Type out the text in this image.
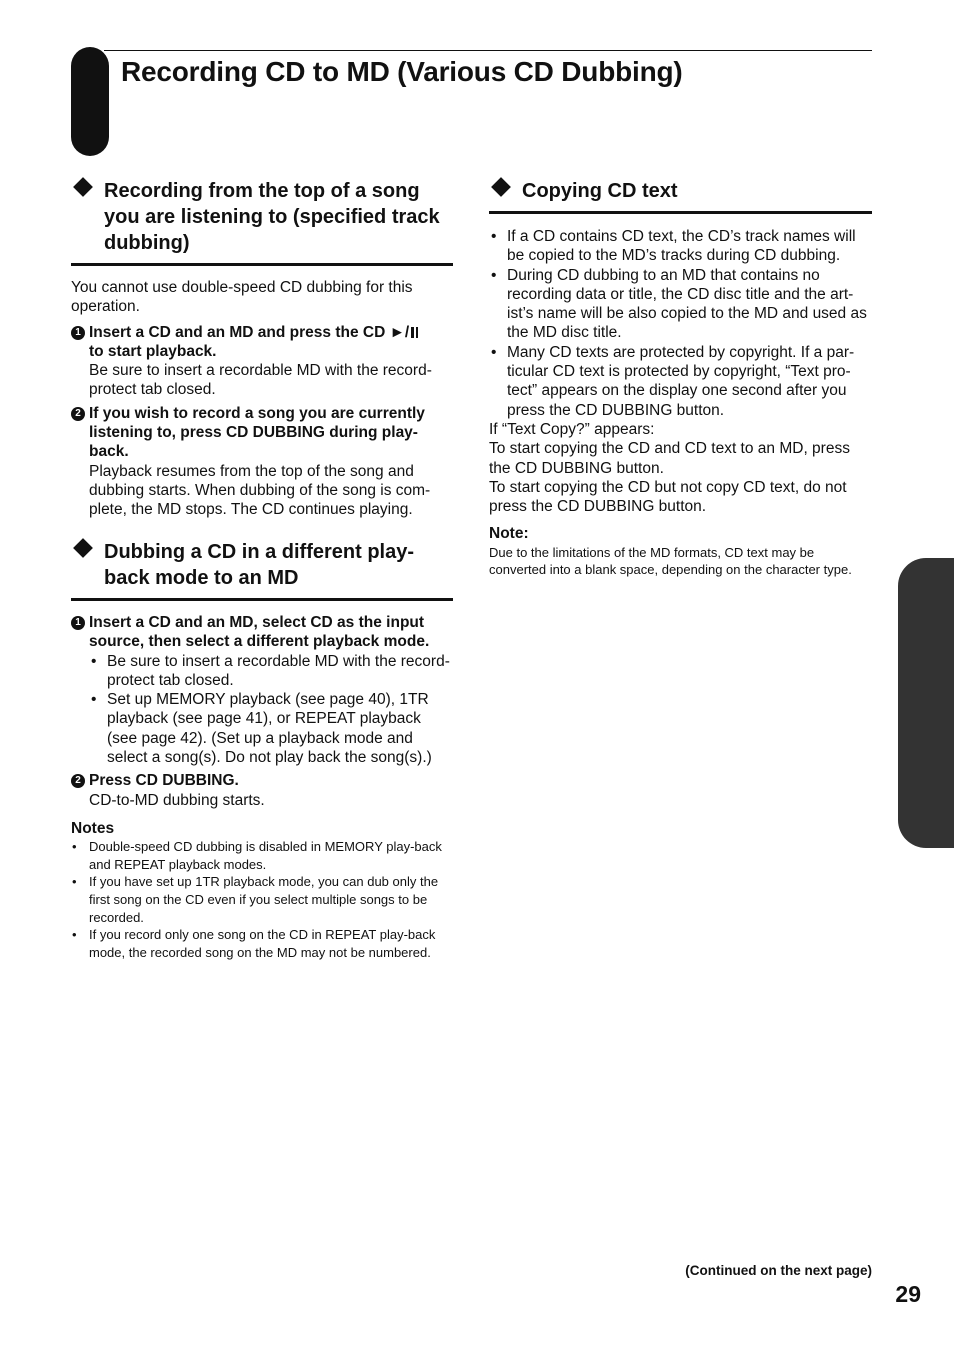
Recording CD to MD (Various CD Dubbing)
Recording from the top of a song you are listening to (specified track dubbing)

You cannot use double-speed CD dubbing for this operation.

1 Insert a CD and an MD and press the CD ►/
to start playback.

Be sure to insert a recordable MD with the record-protect tab closed.

2 If you wish to record a song you are currently listening to, press CD DUBBING during play-back.

Playback resumes from the top of the song and dubbing starts. When dubbing of the song is com-plete, the MD stops. The CD continues playing.

Dubbing a CD in a different play-back mode to an MD
1 Insert a CD and an MD, select CD as the input source, then select a different playback mode.

• Be sure to insert a recordable MD with the record-protect tab closed.
• Set up MEMORY playback (see page 40), 1TR playback (see page 41), or REPEAT playback (see page 42). (Set up a playback mode and select a song(s). Do not play back the song(s).)
2 Press CD DUBBING.

CD-to-MD dubbing starts.

Notes

• Double-speed CD dubbing is disabled in MEMORY play-back and REPEAT playback modes.
• If you have set up 1TR playback mode, you can dub only the first song on the CD even if you select multiple songs to be recorded.
• If you record only one song on the CD in REPEAT play-back mode, the recorded song on the MD may not be numbered.
Copying CD text
• If a CD contains CD text, the CD’s track names will be copied to the MD’s tracks during CD dubbing.
• During CD dubbing to an MD that contains no recording data or title, the CD disc title and the art-ist’s name will be also copied to the MD and used as the MD disc title.
• Many CD texts are protected by copyright. If a par-ticular CD text is protected by copyright, “Text pro-tect” appears on the display one second after you press the CD DUBBING button.

If “Text Copy?” appears:

To start copying the CD and CD text to an MD, press the CD DUBBING button.

To start copying the CD but not copy CD text, do not press the CD DUBBING button.

Note:

Due to the limitations of the MD formats, CD text may be converted into a blank space, depending on the character type.

(Continued on the next page)
29
